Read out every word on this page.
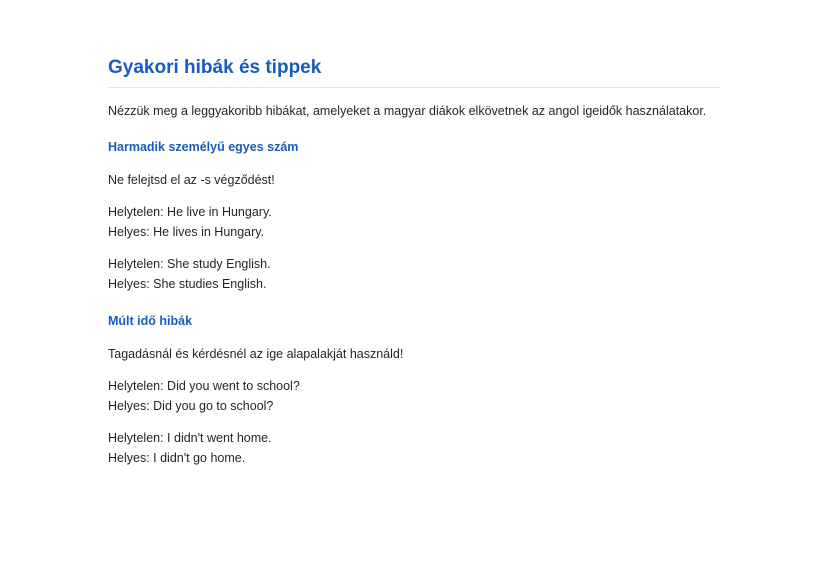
Gyakori hibák és tippek

Nézzük meg a leggyakoribb hibákat, amelyeket a magyar diákok elkövetnek az angol igeidők használatakor.

Harmadik személyű egyes szám

Ne felejtsd el az -s végződést!

Helytelen: He live in Hungary.

Helyes: He lives in Hungary.

Helytelen: She study English.

Helyes: She studies English.

Múlt idő hibák

Tagadásnál és kérdésnél az ige alapalakját használd!

Helytelen: Did you went to school?

Helyes: Did you go to school?

Helytelen: I didn't went home.

Helyes: I didn't go home.
